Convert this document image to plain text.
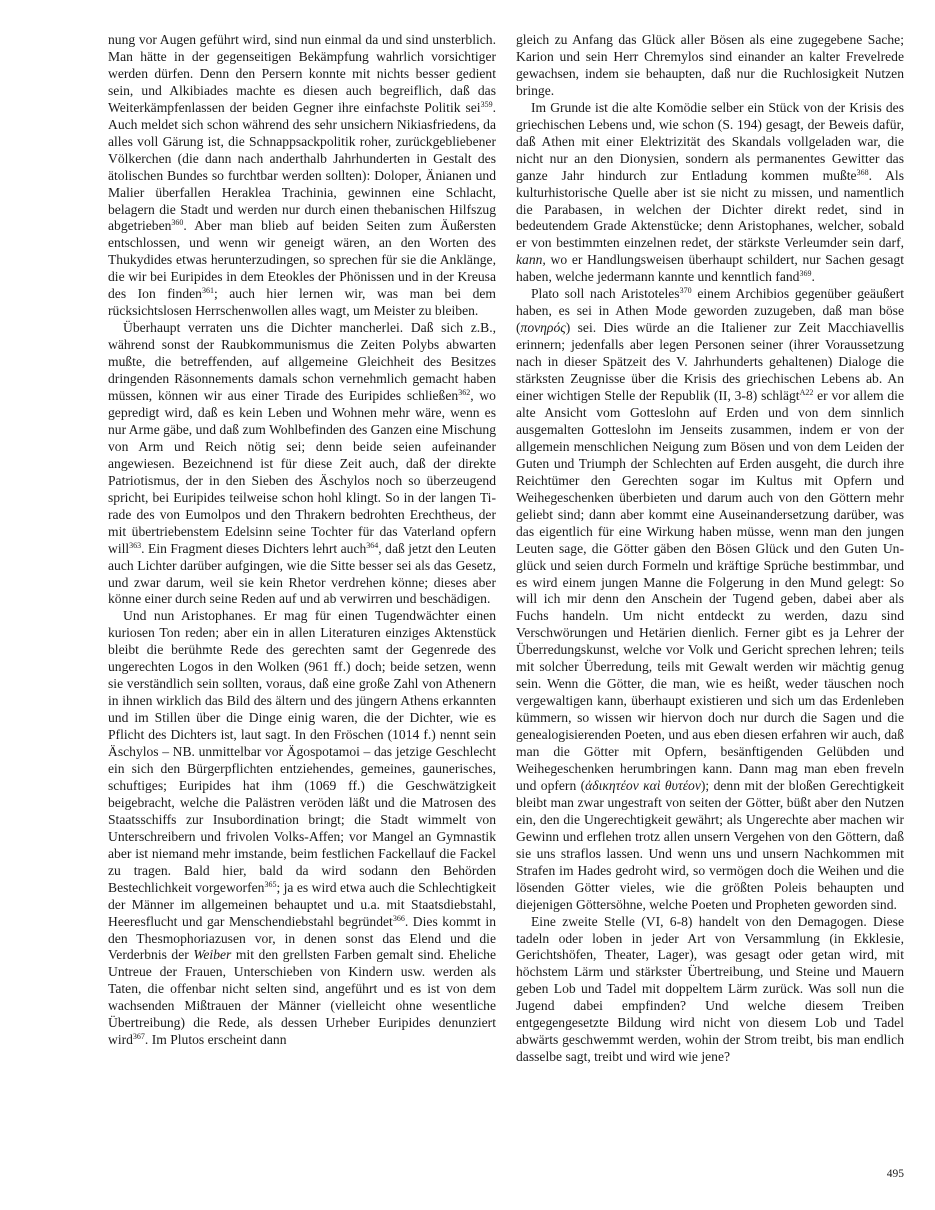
nung vor Augen geführt wird, sind nun einmal da und sind unsterblich. Man hätte in der gegenseitigen Bekämpfung wahrlich vorsichtiger werden dürfen. Denn den Persern konnte mit nichts besser gedient sein, und Alkibiades machte es diesen auch begreiflich, daß das Weiterkämpfenlassen der beiden Gegner ihre einfachste Politik sei$^{359}$. Auch meldet sich schon während des sehr unsichern Nikiasfriedens, da alles voll Gärung ist, die Schnappsackpolitik roher, zurückgebliebener Völkerchen (die dann nach anderthalb Jahrhunderten in Gestalt des ätolischen Bundes so furchtbar werden sollten): Doloper, Änianen und Malier überfallen Heraklea Trachinia, gewinnen eine Schlacht, belagern die Stadt und werden nur durch einen thebanischen Hilfszug abgetrieben$^{360}$. Aber man blieb auf beiden Seiten zum Äußersten entschlossen, und wenn wir geneigt wären, an den Worten des Thukydides etwas herunterzudingen, so sprechen für sie die Anklänge, die wir bei Euripides in dem Eteokles der Phönissen und in der Kreusa des Ion finden$^{361}$; auch hier lernen wir, was man bei dem rücksichtslosen Herrschenwollen alles wagt, um Meister zu bleiben.

Überhaupt verraten uns die Dichter mancherlei. Daß sich z.B., während sonst der Raubkommunismus die Zeiten Polybs abwarten mußte, die betreffenden, auf allgemeine Gleichheit des Besitzes dringenden Räsonnements damals schon vernehmlich gemacht haben müssen, können wir aus einer Tirade des Euripides schließen$^{362}$, wo gepredigt wird, daß es kein Leben und Wohnen mehr wäre, wenn es nur Arme gäbe, und daß zum Wohlbefinden des Ganzen eine Mischung von Arm und Reich nötig sei; denn beide seien aufeinander angewiesen. Bezeichnend ist für diese Zeit auch, daß der direkte Patriotismus, der in den Sieben des Äschylos noch so überzeugend spricht, bei Euripides teilweise schon hohl klingt. So in der langen Tirade des von Eumolpos und den Thrakern bedrohten Erechtheus, der mit übertriebenstem Edelsinn seine Tochter für das Vaterland opfern will$^{363}$. Ein Fragment dieses Dichters lehrt auch$^{364}$, daß jetzt den Leuten auch Lichter darüber aufgingen, wie die Sitte besser sei als das Gesetz, und zwar darum, weil sie kein Rhetor verdrehen könne; dieses aber könne einer durch seine Reden auf und ab verwirren und beschädigen.

Und nun Aristophanes. Er mag für einen Tugendwächter einen kuriosen Ton reden; aber ein in allen Literaturen einziges Aktenstück bleibt die berühmte Rede des gerechten samt der Gegenrede des ungerechten Logos in den Wolken (961 ff.) doch; beide setzen, wenn sie verständlich sein sollten, voraus, daß eine große Zahl von Athenern in ihnen wirklich das Bild des ältern und des jüngern Athens erkannten und im Stillen über die Dinge einig waren, die der Dichter, wie es Pflicht des Dichters ist, laut sagt. In den Fröschen (1014 f.) nennt sein Äschylos – NB. unmittelbar vor Ägospotamoi – das jetzige Geschlecht ein sich den Bürgerpflichten entziehendes, gemeines, gaunerisches, schuftiges; Euripides hat ihm (1069 ff.) die Geschwätzigkeit beigebracht, welche die Palästren veröden läßt und die Matrosen des Staatsschiffs zur Insubordination bringt; die Stadt wimmelt von Unterschreibern und frivolen Volks-Affen; vor Mangel an Gymnastik aber ist niemand mehr imstande, beim festlichen Fackellauf die Fackel zu tragen. Bald hier, bald da wird sodann den Behörden Bestechlichkeit vorgeworfen$^{365}$; ja es wird etwa auch die Schlechtigkeit der Männer im allgemeinen behauptet und u.a. mit Staatsdiebstahl, Heeresflucht und gar Menschendiebstahl begründet$^{366}$. Dies kommt in den Thesmophoriazusen vor, in denen sonst das Elend und die Verderbnis der Weiber mit den grellsten Farben gemalt sind. Eheliche Untreue der Frauen, Unterschieben von Kindern usw. werden als Taten, die offenbar nicht selten sind, angeführt und es ist von dem wachsenden Mißtrauen der Männer (vielleicht ohne wesentliche Übertreibung) die Rede, als dessen Urheber Euripides denunziert wird$^{367}$. Im Plutos erscheint dann

gleich zu Anfang das Glück aller Bösen als eine zugegebene Sache; Karion und sein Herr Chremylos sind einander an kalter Frevelrede gewachsen, indem sie behaupten, daß nur die Ruchlosigkeit Nutzen bringe.

Im Grunde ist die alte Komödie selber ein Stück von der Krisis des griechischen Lebens und, wie schon (S. 194) gesagt, der Beweis dafür, daß Athen mit einer Elektrizität des Skandals vollgeladen war, die nicht nur an den Dionysien, sondern als permanentes Gewitter das ganze Jahr hindurch zur Entladung kommen mußte$^{368}$. Als kulturhistorische Quelle aber ist sie nicht zu missen, und namentlich die Parabasen, in welchen der Dichter direkt redet, sind in bedeutendem Grade Aktenstücke; denn Aristophanes, welcher, sobald er von bestimmten einzelnen redet, der stärkste Verleumder sein darf, kann, wo er Handlungsweisen überhaupt schildert, nur Sachen gesagt haben, welche jedermann kannte und kenntlich fand$^{369}$.

Plato soll nach Aristoteles$^{370}$ einem Archibios gegenüber geäußert haben, es sei in Athen Mode geworden zuzugeben, daß man böse (πονηρός) sei. Dies würde an die Italiener zur Zeit Macchiavellis erinnern; jedenfalls aber legen Personen seiner (ihrer Voraussetzung nach in dieser Spätzeit des V. Jahrhunderts gehaltenen) Dialoge die stärksten Zeugnisse über die Krisis des griechischen Lebens ab. An einer wichtigen Stelle der Republik (II, 3-8) schlägt$^{A22}$ er vor allem die alte Ansicht vom Gotteslohn auf Erden und von dem sinnlich ausgemalten Gotteslohn im Jenseits zusammen, indem er von der allgemein menschlichen Neigung zum Bösen und von dem Leiden der Guten und Triumph der Schlechten auf Erden ausgeht, die durch ihre Reichtümer den Gerechten sogar im Kultus mit Opfern und Weihegeschenken überbieten und darum auch von den Göttern mehr geliebt sind; dann aber kommt eine Auseinandersetzung darüber, was das eigentlich für eine Wirkung haben müsse, wenn man den jungen Leuten sage, die Götter gäben den Bösen Glück und den Guten Unglück und seien durch Formeln und kräftige Sprüche bestimmbar, und es wird einem jungen Manne die Folgerung in den Mund gelegt: So will ich mir denn den Anschein der Tugend geben, dabei aber als Fuchs handeln. Um nicht entdeckt zu werden, dazu sind Verschwörungen und Hetärien dienlich. Ferner gibt es ja Lehrer der Überredungskunst, welche vor Volk und Gericht sprechen lehren; teils mit solcher Überredung, teils mit Gewalt werden wir mächtig genug sein. Wenn die Götter, die man, wie es heißt, weder täuschen noch vergewaltigen kann, überhaupt existieren und sich um das Erdenleben kümmern, so wissen wir hiervon doch nur durch die Sagen und die genealogisierenden Poeten, und aus eben diesen erfahren wir auch, daß man die Götter mit Opfern, besänftigenden Gelübden und Weihegeschenken herumbringen kann. Dann mag man eben freveln und opfern (ἀδικητέον καὶ θυτέον); denn mit der bloßen Gerechtigkeit bleibt man zwar ungestraft von seiten der Götter, büßt aber den Nutzen ein, den die Ungerechtigkeit gewährt; als Ungerechte aber machen wir Gewinn und erflehen trotz allen unsern Vergehen von den Göttern, daß sie uns straflos lassen. Und wenn uns und unsern Nachkommen mit Strafen im Hades gedroht wird, so vermögen doch die Weihen und die lösenden Götter vieles, wie die größten Poleis behaupten und diejenigen Göttersöhne, welche Poeten und Propheten geworden sind.

Eine zweite Stelle (VI, 6-8) handelt von den Demagogen. Diese tadeln oder loben in jeder Art von Versammlung (in Ekklesie, Gerichtshöfen, Theater, Lager), was gesagt oder getan wird, mit höchstem Lärm und stärkster Übertreibung, und Steine und Mauern geben Lob und Tadel mit doppeltem Lärm zurück. Was soll nun die Jugend dabei empfinden? Und welche diesem Treiben entgegengesetzte Bildung wird nicht von diesem Lob und Tadel abwärts geschwemmt werden, wohin der Strom treibt, bis man endlich dasselbe sagt, treibt und wird wie jene?

495
